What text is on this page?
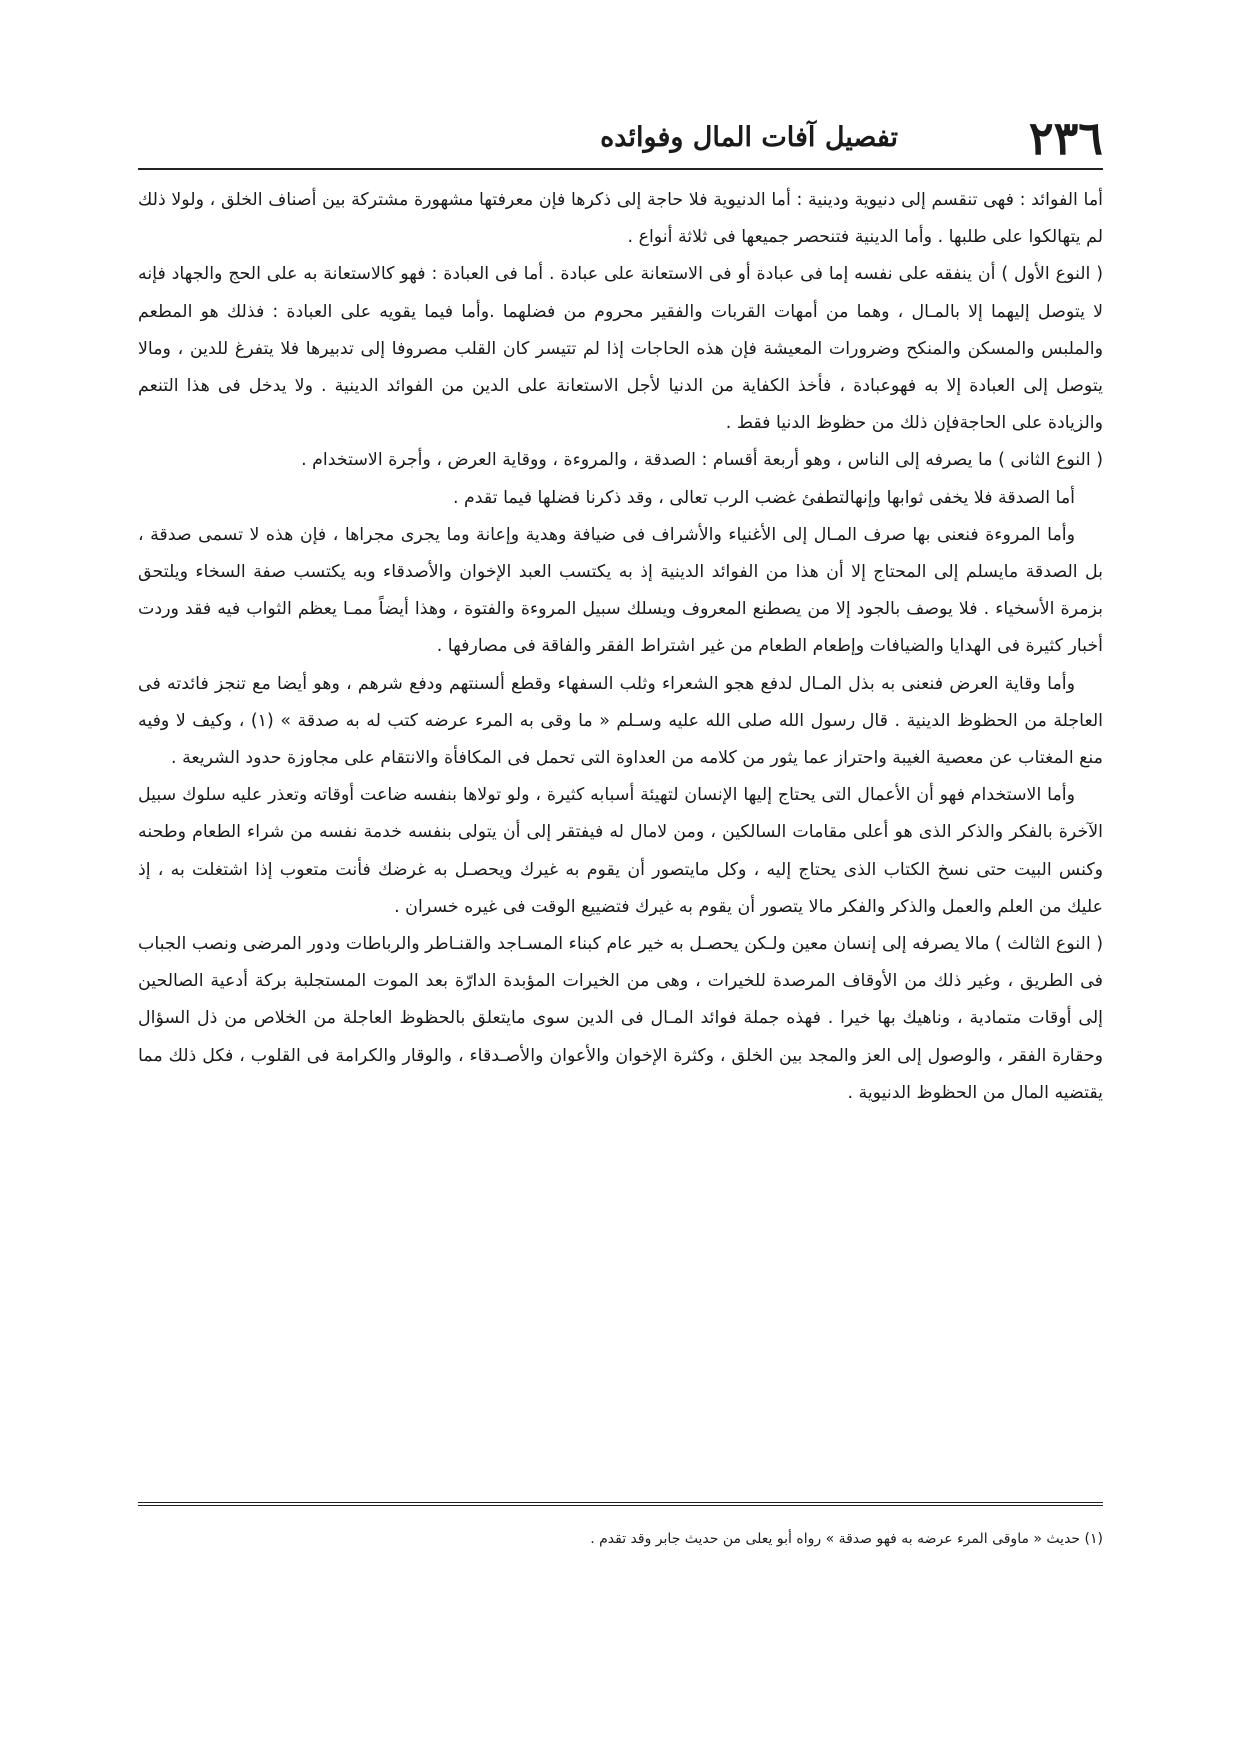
٢٣٦
تفصيل آفات المال وفوائده

أما الفوائد : فهى تنقسم إلى دنيوية ودينية : أما الدنيوية فلا حاجة إلى ذكرها فإن معرفتها مشهورة مشتركة بين أصناف الخلق ، ولولا ذلك لم يتهالكوا على طلبها . وأما الدينية فتنحصر جميعها فى ثلاثة أنواع .

( النوع الأول ) أن ينفقه على نفسه إما فى عبادة أو فى الاستعانة على عبادة . أما فى العبادة : فهو كالاستعانة به على الحج والجهاد فإنه لا يتوصل إليهما إلا بالمـال ، وهما من أمهات القربات والفقير محروم من فضلهما .وأما فيما يقويه على العبادة : فذلك هو المطعم والملبس والمسكن والمنكح وضرورات المعيشة فإن هذه الحاجات إذا لم تتيسر كان القلب مصروفا إلى تدبيرها فلا يتفرغ للدين ، ومالا يتوصل إلى العبادة إلا به فهوعبادة ، فأخذ الكفاية من الدنيا لأجل الاستعانة على الدين من الفوائد الدينية . ولا يدخل فى هذا التنعم والزيادة على الحاجةفإن ذلك من حظوظ الدنيا فقط .

( النوع الثانى ) ما يصرفه إلى الناس ، وهو أربعة أقسام : الصدقة ، والمروءة ، ووقاية العرض ، وأجرة الاستخدام .

أما الصدقة فلا يخفى ثوابها وإنهالتطفئ غضب الرب تعالى ، وقد ذكرنا فضلها فيما تقدم .

وأما المروءة فنعنى بها صرف المـال إلى الأغنياء والأشراف فى ضيافة وهدية وإعانة وما يجرى مجراها ، فإن هذه لا تسمى صدقة ، بل الصدقة مايسلم إلى المحتاج إلا أن هذا من الفوائد الدينية إذ به يكتسب العبد الإخوان والأصدقاء وبه يكتسب صفة السخاء ويلتحق بزمرة الأسخياء . فلا يوصف بالجود إلا من يصطنع المعروف ويسلك سبيل المروءة والفتوة ، وهذا أيضاً ممـا يعظم الثواب فيه فقد وردت أخبار كثيرة فى الهدايا والضيافات وإطعام الطعام من غير اشتراط الفقر والفاقة فى مصارفها .

وأما وقاية العرض فنعنى به بذل المـال لدفع هجو الشعراء وثلب السفهاء وقطع ألسنتهم ودفع شرهم ، وهو أيضا مع تنجز فائدته فى العاجلة من الحظوظ الدينية . قال رسول الله صلى الله عليه وسـلم « ما وقى به المرء عرضه كتب له به صدقة » (١) ، وكيف لا وفيه منع المغتاب عن معصية الغيبة واحتراز عما يثور من كلامه من العداوة التى تحمل فى المكافأة والانتقام على مجاوزة حدود الشريعة .

وأما الاستخدام فهو أن الأعمال التى يحتاج إليها الإنسان لتهيئة أسبابه كثيرة ، ولو تولاها بنفسه ضاعت أوقاته وتعذر عليه سلوك سبيل الآخرة بالفكر والذكر الذى هو أعلى مقامات السالكين ، ومن لامال له فيفتقر إلى أن يتولى بنفسه خدمة نفسه من شراء الطعام وطحنه وكنس البيت حتى نسخ الكتاب الذى يحتاج إليه ، وكل مايتصور أن يقوم به غيرك ويحصـل به غرضك فأنت متعوب إذا اشتغلت به ، إذ عليك من العلم والعمل والذكر والفكر مالا يتصور أن يقوم به غيرك فتضييع الوقت فى غيره خسران .

( النوع الثالث ) مالا يصرفه إلى إنسان معين ولـكن يحصـل به خير عام كبناء المسـاجد والقنـاطر والرباطات ودور المرضى ونصب الجباب فى الطريق ، وغير ذلك من الأوقاف المرصدة للخيرات ، وهى من الخيرات المؤبدة الدارّة بعد الموت المستجلبة بركة أدعية الصالحين إلى أوقات متمادية ، وناهيك بها خيرا . فهذه جملة فوائد المـال فى الدين سوى مايتعلق بالحظوظ العاجلة من الخلاص من ذل السؤال وحقارة الفقر ، والوصول إلى العز والمجد بين الخلق ، وكثرة الإخوان والأعوان والأصـدقاء ، والوقار والكرامة فى القلوب ، فكل ذلك مما يقتضيه المال من الحظوظ الدنيوية .

(١) حديث « ماوقى المرء عرضه به فهو صدقة » رواه أبو يعلى من حديث جابر وقد تقدم .
